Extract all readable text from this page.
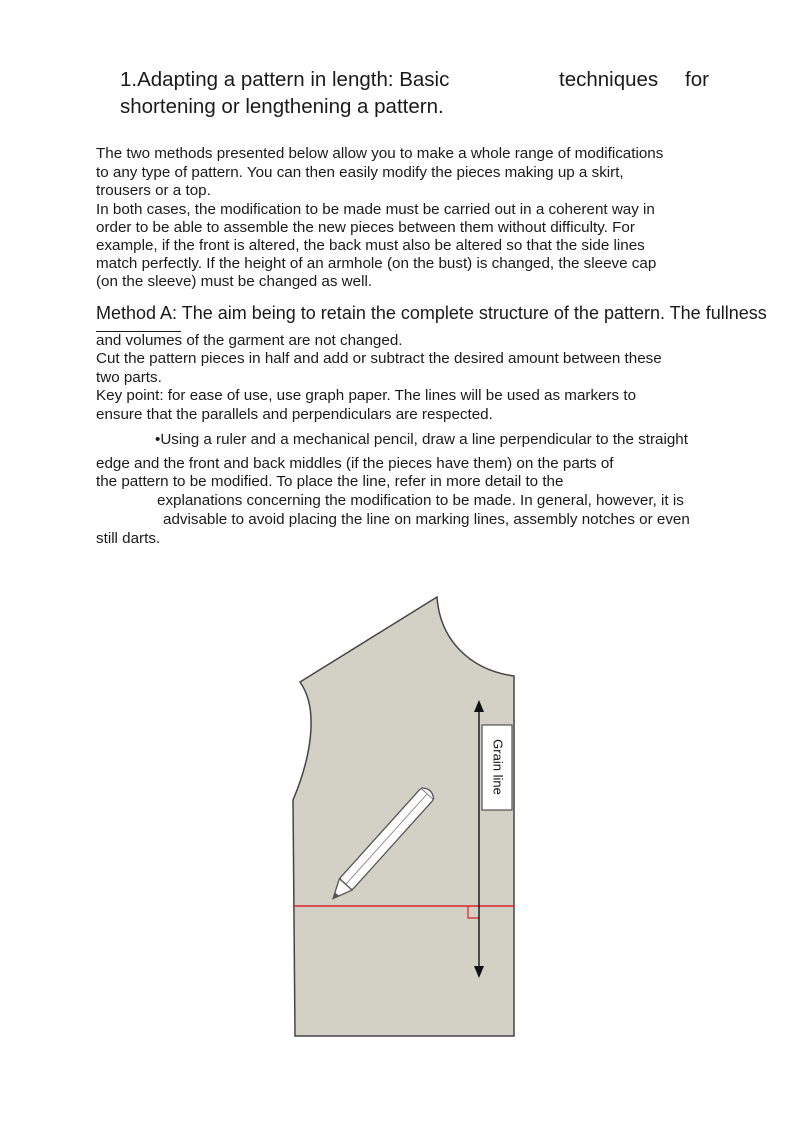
1.Adapting a pattern in length: Basic	techniques for
shortening or lengthening a pattern.
The two methods presented below allow you to make a whole range of modifications
to any type of pattern. You can then easily modify the pieces making up a skirt,
trousers or a top.
In both cases, the modification to be made must be carried out in a coherent way in
order to be able to assemble the new pieces between them without difficulty. For
example, if the front is altered, the back must also be altered so that the side lines
match perfectly. If the height of an armhole (on the bust) is changed, the sleeve cap
(on the sleeve) must be changed as well.
Method A: The aim being to retain the complete structure of the pattern. The fullness
and volumes of the garment are not changed.
Cut the pattern pieces in half and add or subtract the desired amount between these
two parts.
Key point: for ease of use, use graph paper. The lines will be used as markers to
ensure that the parallels and perpendiculars are respected.
•Using a ruler and a mechanical pencil, draw a line perpendicular to the straight
edge and the front and back middles (if the pieces have them) on the parts of
the pattern to be modified. To place the line, refer in more detail to the
explanations concerning the modification to be made. In general, however, it is
advisable to avoid placing the line on marking lines, assembly notches or even
still darts.
Grain line
